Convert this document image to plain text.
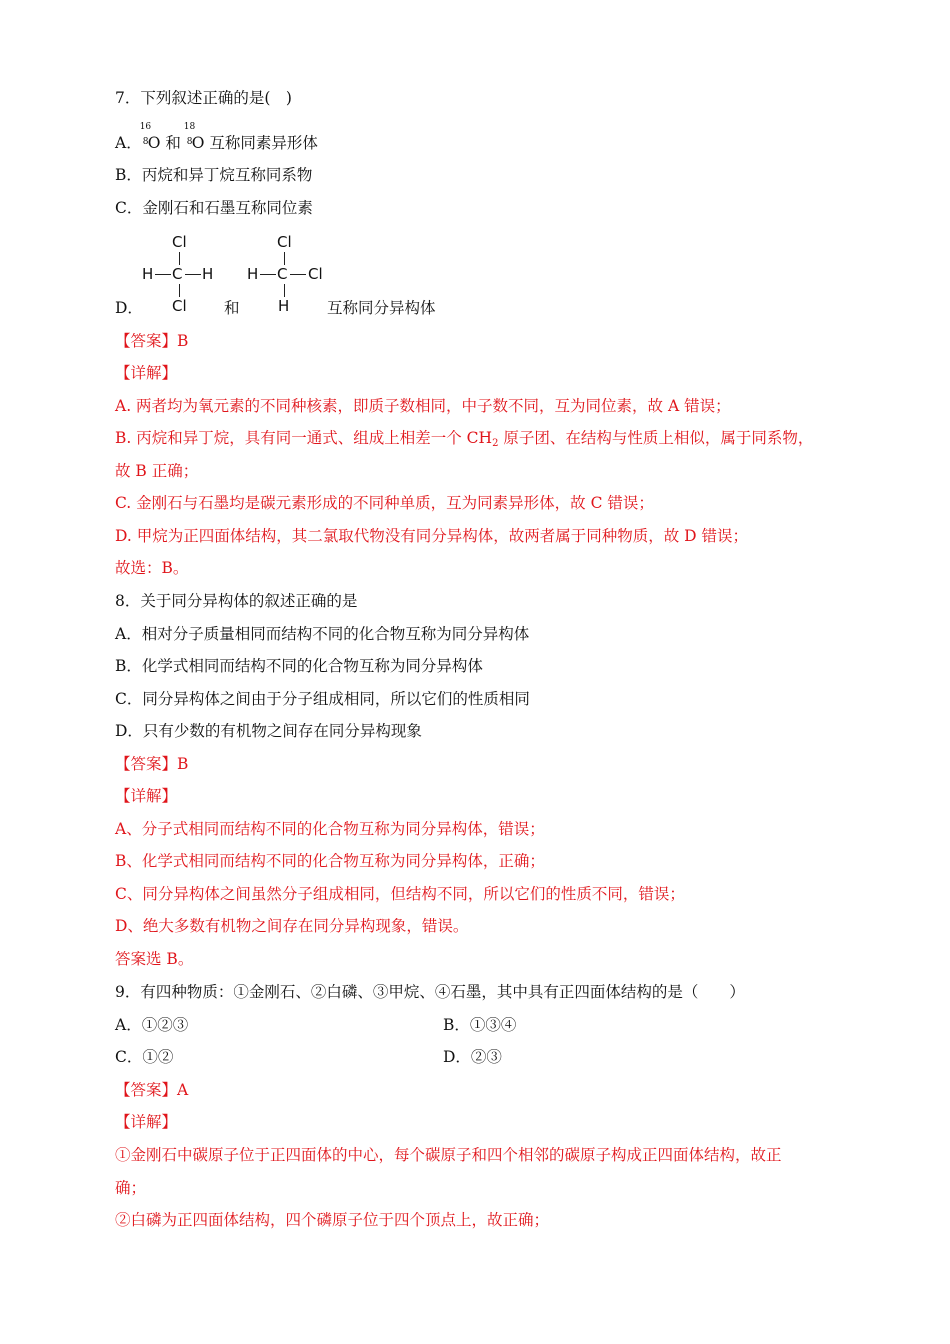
7．下列叙述正确的是(　)
A．
16
8 O 和
18
8 O 互称同素异形体
B．丙烷和异丁烷互称同系物
C．金刚石和石墨互称同位素
Cl
H C H
Cl
Cl
H C Cl
H
D．	和	互称同分异构体
【答案】B
【详解】
A. 两者均为氧元素的不同种核素，即质子数相同，中子数不同，互为同位素，故 A 错误；
B. 丙烷和异丁烷，具有同一通式、组成上相差一个 $CH_2$ 原子团、在结构与性质上相似，属于同系物，
故 B 正确；
C. 金刚石与石墨均是碳元素形成的不同种单质，互为同素异形体，故 C 错误；
D. 甲烷为正四面体结构，其二氯取代物没有同分异构体，故两者属于同种物质，故 D 错误；
故选：B。
8．关于同分异构体的叙述正确的是
A．相对分子质量相同而结构不同的化合物互称为同分异构体
B．化学式相同而结构不同的化合物互称为同分异构体
C．同分异构体之间由于分子组成相同，所以它们的性质相同
D．只有少数的有机物之间存在同分异构现象
【答案】B
【详解】
A、分子式相同而结构不同的化合物互称为同分异构体，错误；
B、化学式相同而结构不同的化合物互称为同分异构体，正确；
C、同分异构体之间虽然分子组成相同，但结构不同，所以它们的性质不同，错误；
D、绝大多数有机物之间存在同分异构现象，错误。
答案选 B。
9．有四种物质：①金刚石、②白磷、③甲烷、④石墨，其中具有正四面体结构的是（　　）
A．①②③	B．①③④
C．①②	D．②③
【答案】A
【详解】
①金刚石中碳原子位于正四面体的中心，每个碳原子和四个相邻的碳原子构成正四面体结构，故正
确；
②白磷为正四面体结构，四个磷原子位于四个顶点上，故正确；
